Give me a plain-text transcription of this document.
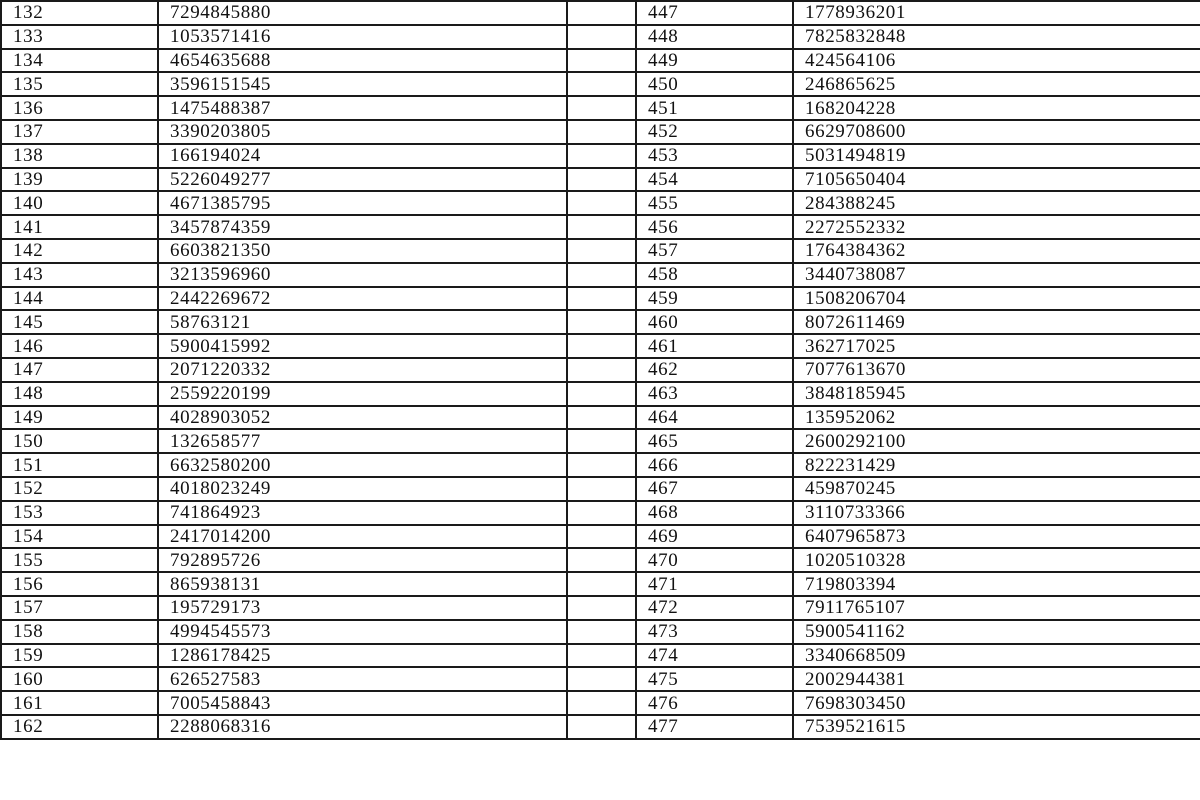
132	7294845880		447	1778936201
133	1053571416		448	7825832848
134	4654635688		449	424564106
135	3596151545		450	246865625
136	1475488387		451	168204228
137	3390203805		452	6629708600
138	166194024		453	5031494819
139	5226049277		454	7105650404
140	4671385795		455	284388245
141	3457874359		456	2272552332
142	6603821350		457	1764384362
143	3213596960		458	3440738087
144	2442269672		459	1508206704
145	58763121		460	8072611469
146	5900415992		461	362717025
147	2071220332		462	7077613670
148	2559220199		463	3848185945
149	4028903052		464	135952062
150	132658577		465	2600292100
151	6632580200		466	822231429
152	4018023249		467	459870245
153	741864923		468	3110733366
154	2417014200		469	6407965873
155	792895726		470	1020510328
156	865938131		471	719803394
157	195729173		472	7911765107
158	4994545573		473	5900541162
159	1286178425		474	3340668509
160	626527583		475	2002944381
161	7005458843		476	7698303450
162	2288068316		477	7539521615
